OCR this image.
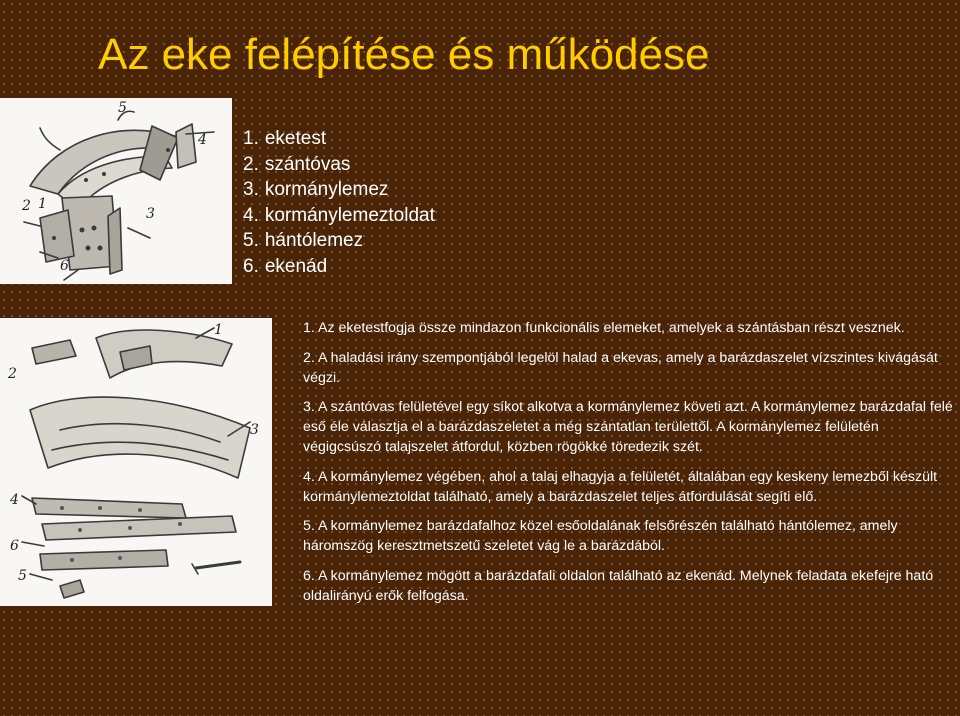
Az eke felépítése és működése
1. eketest
2. szántóvas
3. kormánylemez
4. kormánylemeztoldat
5. hántólemez
6. ekenád
5
4
2 1
3
6
1
2
3
4
6
5

1. Az eketestfogja össze mindazon funkcionális elemeket, amelyek a szántásban részt vesznek.

2. A haladási irány szempontjából legelöl halad a ekevas, amely a barázdaszelet vízszintes kivágását végzi.

3. A szántóvas felületével egy síkot alkotva a kormánylemez követi azt. A kormánylemez barázdafal felé eső éle választja el a barázdaszeletet a még szántatlan területtől. A kormánylemez felületén végigcsúszó talajszelet átfordul, közben rögökké töredezik szét.

4. A kormánylemez végében, ahol a talaj elhagyja a felületét, általában egy keskeny lemezből készült kormánylemeztoldat található, amely a barázdaszelet teljes átfordulását segíti elő.

5. A kormánylemez barázdafalhoz közel esőoldalának felsőrészén található hántólemez, amely háromszög keresztmetszetű szeletet vág le a barázdából.

6. A kormánylemez mögött a barázdafali oldalon található az ekenád. Melynek feladata ekefejre ható oldalirányú erők felfogása.
